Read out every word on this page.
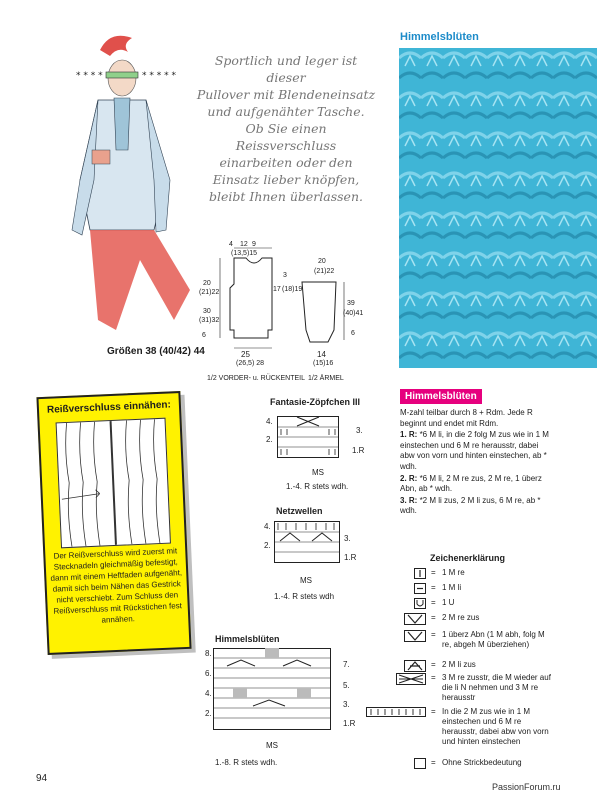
* * * *	* * * * *
Sportlich und leger ist dieser
Pullover mit Blendeneinsatz
und aufgenähter Tasche.
Ob Sie einen Reissverschluss
einarbeiten oder den
Einsatz lieber knöpfen,
bleibt Ihnen überlassen.
Himmelsblüten
4 12 9
(13,5)15
20
(21)22
30
(31)32
6
25
(26,5) 28
1/2 VORDER- u. RÜCKENTEIL
3
17 (18)19
20
(21)22
39
(40)41
6
14
(15)16
1/2 ÄRMEL
Größen 38 (40/42) 44
Reißverschluss einnähen:
Der Reißverschluss wird zuerst mit Stecknadeln gleichmäßig befestigt, dann mit einem Heftfaden aufgenäht, damit sich beim Nähen das Gestrick nicht verschiebt. Zum Schluss den Reißverschluss mit Rückstichen fest annähen.
Fantasie-Zöpfchen III
4.
2.
3.
1.R
MS
1.-4. R stets wdh.
Netzwellen
4.
2.
3.
1.R
MS
1.-4. R stets wdh
Himmelsblüten
8.
6.
4.
2.
7.
5.
3.
1.R
MS
1.-8. R stets wdh.
Himmelsblüten

M-zahl teilbar durch 8 + Rdm. Jede R beginnt und endet mit Rdm.

1. R: *6 M li, in die 2 folg M zus wie in 1 M einstechen und 6 M re herausstr, dabei abw von vorn und hinten einstechen, ab * wdh.

2. R: *6 M li, 2 M re zus, 2 M re, 1 überz Abn, ab * wdh.

3. R: *2 M li zus, 2 M li zus, 6 M re, ab * wdh.

Zeichenerklärung
= 1 M re
= 1 M li
= 1 U
= 2 M re zus
= 1 überz Abn (1 M abh, folg M re, abgeh M überziehen)
= 2 M li zus
= 3 M re zusstr, die M wieder auf die li N nehmen und 3 M re herausstr
= In die 2 M zus wie in 1 M einstechen und 6 M re herausstr, dabei abw von vorn und hinten einstechen
= Ohne Strickbedeutung
94
PassionForum.ru
